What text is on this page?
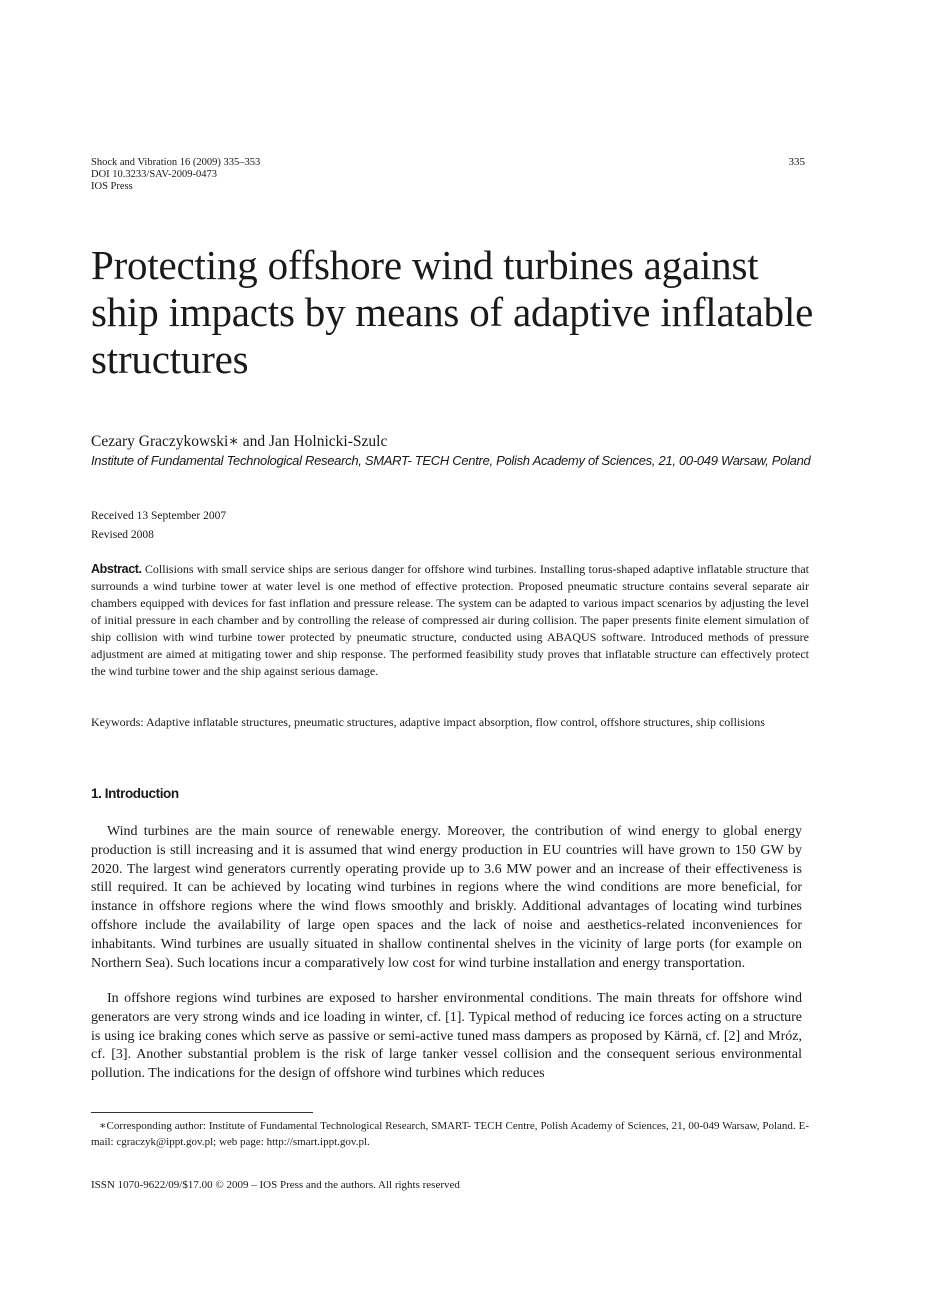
Shock and Vibration 16 (2009) 335–353
DOI 10.3233/SAV-2009-0473
IOS Press
335
Protecting offshore wind turbines against ship impacts by means of adaptive inflatable structures
Cezary Graczykowski∗ and Jan Holnicki-Szulc
Institute of Fundamental Technological Research, SMART- TECH Centre, Polish Academy of Sciences, 21, 00-049 Warsaw, Poland
Received 13 September 2007
Revised 2008

Abstract. Collisions with small service ships are serious danger for offshore wind turbines. Installing torus-shaped adaptive inflatable structure that surrounds a wind turbine tower at water level is one method of effective protection. Proposed pneumatic structure contains several separate air chambers equipped with devices for fast inflation and pressure release. The system can be adapted to various impact scenarios by adjusting the level of initial pressure in each chamber and by controlling the release of compressed air during collision. The paper presents finite element simulation of ship collision with wind turbine tower protected by pneumatic structure, conducted using ABAQUS software. Introduced methods of pressure adjustment are aimed at mitigating tower and ship response. The performed feasibility study proves that inflatable structure can effectively protect the wind turbine tower and the ship against serious damage.

Keywords: Adaptive inflatable structures, pneumatic structures, adaptive impact absorption, flow control, offshore structures, ship collisions

1. Introduction

Wind turbines are the main source of renewable energy. Moreover, the contribution of wind energy to global energy production is still increasing and it is assumed that wind energy production in EU countries will have grown to 150 GW by 2020. The largest wind generators currently operating provide up to 3.6 MW power and an increase of their effectiveness is still required. It can be achieved by locating wind turbines in regions where the wind conditions are more beneficial, for instance in offshore regions where the wind flows smoothly and briskly. Additional advantages of locating wind turbines offshore include the availability of large open spaces and the lack of noise and aesthetics-related inconveniences for inhabitants. Wind turbines are usually situated in shallow continental shelves in the vicinity of large ports (for example on Northern Sea). Such locations incur a comparatively low cost for wind turbine installation and energy transportation.

In offshore regions wind turbines are exposed to harsher environmental conditions. The main threats for offshore wind generators are very strong winds and ice loading in winter, cf. [1]. Typical method of reducing ice forces acting on a structure is using ice braking cones which serve as passive or semi-active tuned mass dampers as proposed by Kärnä, cf. [2] and Mróz, cf. [3]. Another substantial problem is the risk of large tanker vessel collision and the consequent serious environmental pollution. The indications for the design of offshore wind turbines which reduces

∗Corresponding author: Institute of Fundamental Technological Research, SMART- TECH Centre, Polish Academy of Sciences, 21, 00-049 Warsaw, Poland. E-mail: cgraczyk@ippt.gov.pl; web page: http://smart.ippt.gov.pl.

ISSN 1070-9622/09/$17.00 © 2009 – IOS Press and the authors. All rights reserved
